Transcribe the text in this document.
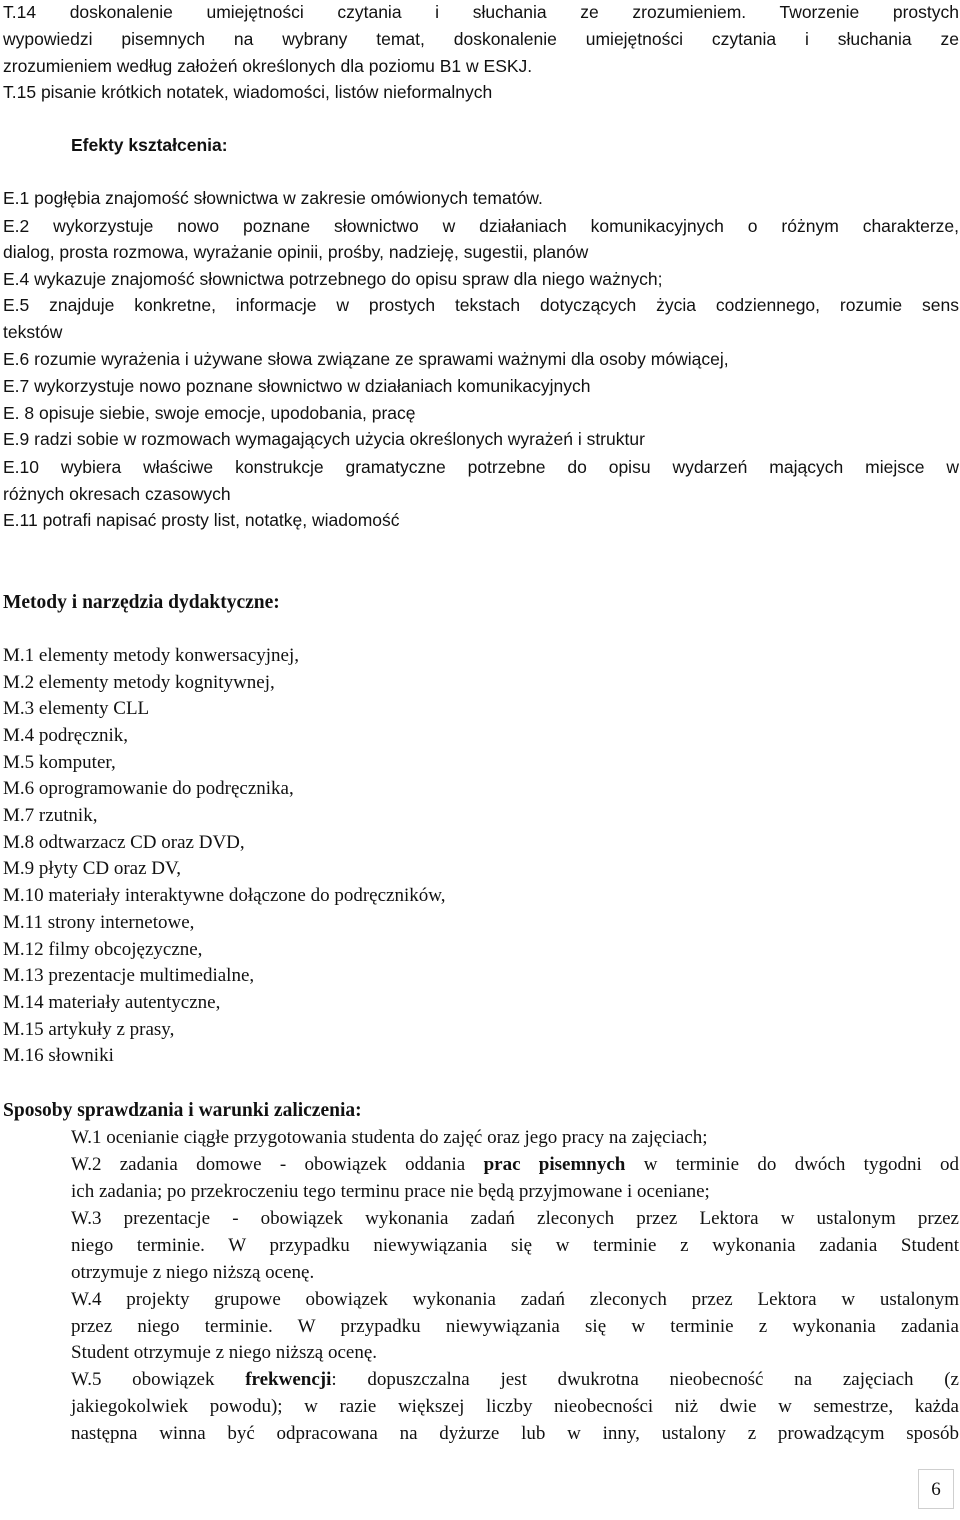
T.14 doskonalenie umiejętności czytania i słuchania ze zrozumieniem. Tworzenie prostych
wypowiedzi pisemnych na wybrany temat, doskonalenie umiejętności czytania i słuchania ze
zrozumieniem według założeń określonych dla poziomu B1 w ESKJ.
T.15 pisanie krótkich notatek, wiadomości, listów nieformalnych
Efekty kształcenia:
E.1 pogłębia znajomość słownictwa w zakresie omówionych tematów.
E.2 wykorzystuje nowo poznane słownictwo w działaniach komunikacyjnych o różnym charakterze,
dialog, prosta rozmowa, wyrażanie opinii, prośby, nadzieję, sugestii, planów
E.4 wykazuje znajomość słownictwa potrzebnego do opisu spraw dla niego ważnych;
E.5 znajduje konkretne, informacje w prostych tekstach dotyczących życia codziennego, rozumie sens
tekstów
E.6 rozumie wyrażenia i używane słowa związane ze sprawami ważnymi dla osoby mówiącej,
E.7 wykorzystuje nowo poznane słownictwo w działaniach komunikacyjnych
E. 8 opisuje siebie, swoje emocje, upodobania, pracę
E.9 radzi sobie w rozmowach wymagających użycia określonych wyrażeń i struktur
E.10 wybiera właściwe konstrukcje gramatyczne potrzebne do opisu wydarzeń mających miejsce w
różnych okresach czasowych
E.11 potrafi napisać prosty list, notatkę, wiadomość
Metody i narzędzia dydaktyczne:
M.1 elementy metody konwersacyjnej,
M.2 elementy metody kognitywnej,
M.3 elementy CLL
M.4 podręcznik,
M.5 komputer,
M.6 oprogramowanie do podręcznika,
M.7 rzutnik,
M.8 odtwarzacz CD oraz DVD,
M.9 płyty CD oraz DV,
M.10 materiały interaktywne dołączone do podręczników,
M.11 strony internetowe,
M.12 filmy obcojęzyczne,
M.13 prezentacje multimedialne,
M.14 materiały autentyczne,
M.15 artykuły z prasy,
M.16 słowniki
Sposoby sprawdzania i warunki zaliczenia:
W.1 ocenianie ciągłe przygotowania studenta do zajęć oraz jego pracy na zajęciach;
W.2 zadania domowe - obowiązek oddania prac pisemnych w terminie do dwóch tygodni od
ich zadania; po przekroczeniu tego terminu prace nie będą przyjmowane i oceniane;
W.3 prezentacje - obowiązek wykonania zadań zleconych przez Lektora w ustalonym przez
niego terminie. W przypadku niewywiązania się w terminie z wykonania zadania Student
otrzymuje z niego niższą ocenę.
W.4 projekty grupowe obowiązek wykonania zadań zleconych przez Lektora w ustalonym
przez niego terminie. W przypadku niewywiązania się w terminie z wykonania zadania
Student otrzymuje z niego niższą ocenę.
W.5 obowiązek frekwencji: dopuszczalna jest dwukrotna nieobecność na zajęciach (z
jakiegokolwiek powodu); w razie większej liczby nieobecności niż dwie w semestrze, każda
następna winna być odpracowana na dyżurze lub w inny, ustalony z prowadzącym sposób
6
